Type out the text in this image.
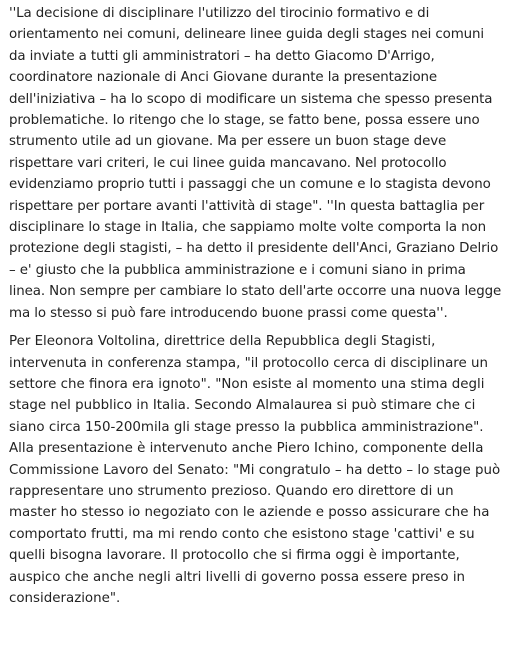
''La decisione di disciplinare l'utilizzo del tirocinio formativo e di orientamento nei comuni, delineare linee guida degli stages nei comuni da inviate a tutti gli amministratori – ha detto Giacomo D'Arrigo, coordinatore nazionale di Anci Giovane durante la presentazione dell'iniziativa – ha lo scopo di modificare un sistema che spesso presenta problematiche. Io ritengo che lo stage, se fatto bene, possa essere uno strumento utile ad un giovane. Ma per essere un buon stage deve rispettare vari criteri, le cui linee guida mancavano. Nel protocollo evidenziamo proprio tutti i passaggi che un comune e lo stagista devono rispettare per portare avanti l'attività di stage". ''In questa battaglia per disciplinare lo stage in Italia, che sappiamo molte volte comporta la non protezione degli stagisti, – ha detto il presidente dell'Anci, Graziano Delrio – e' giusto che la pubblica amministrazione e i comuni siano in prima linea. Non sempre per cambiare lo stato dell'arte occorre una nuova legge ma lo stesso si può fare introducendo buone prassi come questa''.

Per Eleonora Voltolina, direttrice della Repubblica degli Stagisti, intervenuta in conferenza stampa, "il protocollo cerca di disciplinare un settore che finora era ignoto". "Non esiste al momento una stima degli stage nel pubblico in Italia. Secondo Almalaurea si può stimare che ci siano circa 150-200mila gli stage presso la pubblica amministrazione". Alla presentazione è intervenuto anche Piero Ichino, componente della Commissione Lavoro del Senato: "Mi congratulo – ha detto – lo stage può rappresentare uno strumento prezioso. Quando ero direttore di un master ho stesso io negoziato con le aziende e posso assicurare che ha comportato frutti, ma mi rendo conto che esistono stage 'cattivi' e su quelli bisogna lavorare. Il protocollo che si firma oggi è importante, auspico che anche negli altri livelli di governo possa essere preso in considerazione".
